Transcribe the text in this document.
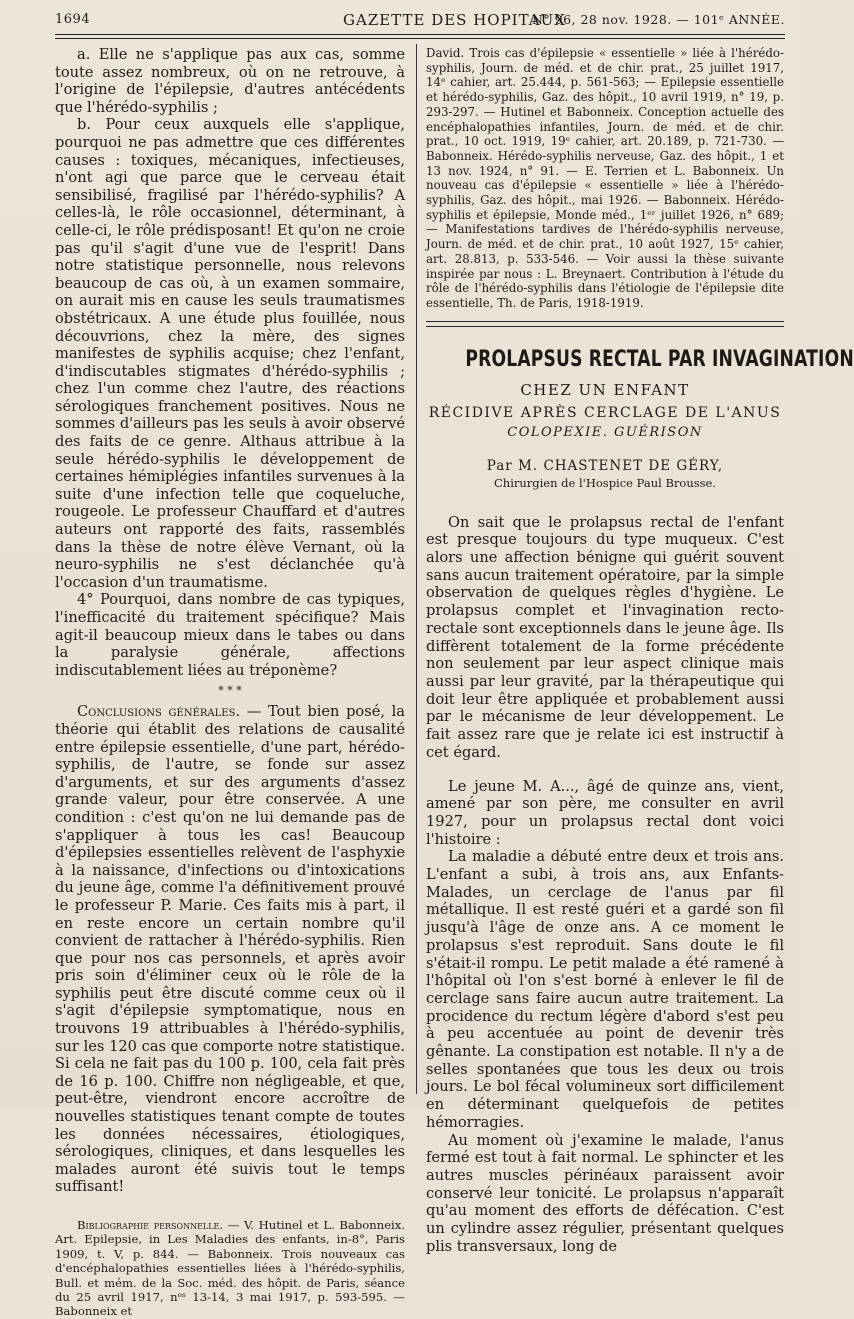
1694	GAZETTE DES HOPITAUX
N° 96, 28 nov. 1928. — 101ᵉ ANNÉE.

a. Elle ne s'applique pas aux cas, somme toute assez nombreux, où on ne retrouve, à l'origine de l'épilepsie, d'autres antécédents que l'hérédo-syphilis ;

b. Pour ceux auxquels elle s'applique, pourquoi ne pas admettre que ces différentes causes : toxiques, mécaniques, infectieuses, n'ont agi que parce que le cerveau était sensibilisé, fragilisé par l'hérédo-syphilis? A celles-là, le rôle occasionnel, déterminant, à celle-ci, le rôle prédisposant! Et qu'on ne croie pas qu'il s'agit d'une vue de l'esprit! Dans notre statistique personnelle, nous relevons beaucoup de cas où, à un examen sommaire, on aurait mis en cause les seuls traumatismes obstétricaux. A une étude plus fouillée, nous découvrions, chez la mère, des signes manifestes de syphilis acquise; chez l'enfant, d'indiscutables stigmates d'hérédo-syphilis ; chez l'un comme chez l'autre, des réactions sérologiques franchement positives. Nous ne sommes d'ailleurs pas les seuls à avoir observé des faits de ce genre. Althaus attribue à la seule hérédo-syphilis le développement de certaines hémiplégies infantiles survenues à la suite d'une infection telle que coqueluche, rougeole. Le professeur Chauffard et d'autres auteurs ont rapporté des faits, rassemblés dans la thèse de notre élève Vernant, où la neuro-syphilis ne s'est déclanchée qu'à l'occasion d'un traumatisme.

4° Pourquoi, dans nombre de cas typiques, l'inefficacité du traitement spécifique? Mais agit-il beaucoup mieux dans le tabes ou dans la paralysie générale, affections indiscutablement liées au tréponème?

* * *

Conclusions générales. — Tout bien posé, la théorie qui établit des relations de causalité entre épilepsie essentielle, d'une part, hérédo-syphilis, de l'autre, se fonde sur assez d'arguments, et sur des arguments d'assez grande valeur, pour être conservée. A une condition : c'est qu'on ne lui demande pas de s'appliquer à tous les cas! Beaucoup d'épilepsies essentielles relèvent de l'asphyxie à la naissance, d'infections ou d'intoxications du jeune âge, comme l'a définitivement prouvé le professeur P. Marie. Ces faits mis à part, il en reste encore un certain nombre qu'il convient de rattacher à l'hérédo-syphilis. Rien que pour nos cas personnels, et après avoir pris soin d'éliminer ceux où le rôle de la syphilis peut être discuté comme ceux où il s'agit d'épilepsie symptomatique, nous en trouvons 19 attribuables à l'hérédo-syphilis, sur les 120 cas que comporte notre statistique. Si cela ne fait pas du 100 p. 100, cela fait près de 16 p. 100. Chiffre non négligeable, et que, peut-être, viendront encore accroître de nouvelles statistiques tenant compte de toutes les données nécessaires, étiologiques, sérologiques, cliniques, et dans lesquelles les malades auront été suivis tout le temps suffisant!

Bibliographie personnelle. — V. Hutinel et L. Babonneix. Art. Epilepsie, in Les Maladies des enfants, in-8°, Paris 1909, t. V, p. 844. — Babonneix. Trois nouveaux cas d'encéphalopathies essentielles liées à l'hérédo-syphilis, Bull. et mém. de la Soc. méd. des hôpit. de Paris, séance du 25 avril 1917, nᵒˢ 13-14, 3 mai 1917, p. 593-595. — Babonneix et

David. Trois cas d'épilepsie « essentielle » liée à l'hérédo-syphilis, Journ. de méd. et de chir. prat., 25 juillet 1917, 14ᵉ cahier, art. 25.444, p. 561-563; — Epilepsie essentielle et hérédo-syphilis, Gaz. des hôpit., 10 avril 1919, n° 19, p. 293-297. — Hutinel et Babonneix. Conception actuelle des encéphalopathies infantiles, Journ. de méd. et de chir. prat., 10 oct. 1919, 19ᵉ cahier, art. 20.189, p. 721-730. — Babonneix. Hérédo-syphilis nerveuse, Gaz. des hôpit., 1 et 13 nov. 1924, n° 91. — E. Terrien et L. Babonneix. Un nouveau cas d'épilepsie « essentielle » liée à l'hérédo-syphilis, Gaz. des hôpit., mai 1926. — Babonneix. Hérédo-syphilis et épilepsie, Monde méd., 1ᵉʳ juillet 1926, n° 689; — Manifestations tardives de l'hérédo-syphilis nerveuse, Journ. de méd. et de chir. prat., 10 août 1927, 15ᵉ cahier, art. 28.813, p. 533-546. — Voir aussi la thèse suivante inspirée par nous : L. Breynaert. Contribution à l'étude du rôle de l'hérédo-syphilis dans l'étiologie de l'épilepsie dite essentielle, Th. de Paris, 1918-1919.

PROLAPSUS RECTAL PAR INVAGINATION
CHEZ UN ENFANT
RÉCIDIVE APRÈS CERCLAGE DE L'ANUS
COLOPEXIE. GUÉRISON
Par M. CHASTENET DE GÉRY,
Chirurgien de l'Hospice Paul Brousse.

On sait que le prolapsus rectal de l'enfant est presque toujours du type muqueux. C'est alors une affection bénigne qui guérit souvent sans aucun traitement opératoire, par la simple observation de quelques règles d'hygiène. Le prolapsus complet et l'invagination recto-rectale sont exceptionnels dans le jeune âge. Ils diffèrent totalement de la forme précédente non seulement par leur aspect clinique mais aussi par leur gravité, par la thérapeutique qui doit leur être appliquée et probablement aussi par le mécanisme de leur développement. Le fait assez rare que je relate ici est instructif à cet égard.

Le jeune M. A..., âgé de quinze ans, vient, amené par son père, me consulter en avril 1927, pour un prolapsus rectal dont voici l'histoire :

La maladie a débuté entre deux et trois ans. L'enfant a subi, à trois ans, aux Enfants-Malades, un cerclage de l'anus par fil métallique. Il est resté guéri et a gardé son fil jusqu'à l'âge de onze ans. A ce moment le prolapsus s'est reproduit. Sans doute le fil s'était-il rompu. Le petit malade a été ramené à l'hôpital où l'on s'est borné à enlever le fil de cerclage sans faire aucun autre traitement. La procidence du rectum légère d'abord s'est peu à peu accentuée au point de devenir très gênante. La constipation est notable. Il n'y a de selles spontanées que tous les deux ou trois jours. Le bol fécal volumineux sort difficilement en déterminant quelquefois de petites hémorragies.

Au moment où j'examine le malade, l'anus fermé est tout à fait normal. Le sphincter et les autres muscles périnéaux paraissent avoir conservé leur tonicité. Le prolapsus n'apparaît qu'au moment des efforts de défécation. C'est un cylindre assez régulier, présentant quelques plis transversaux, long de
